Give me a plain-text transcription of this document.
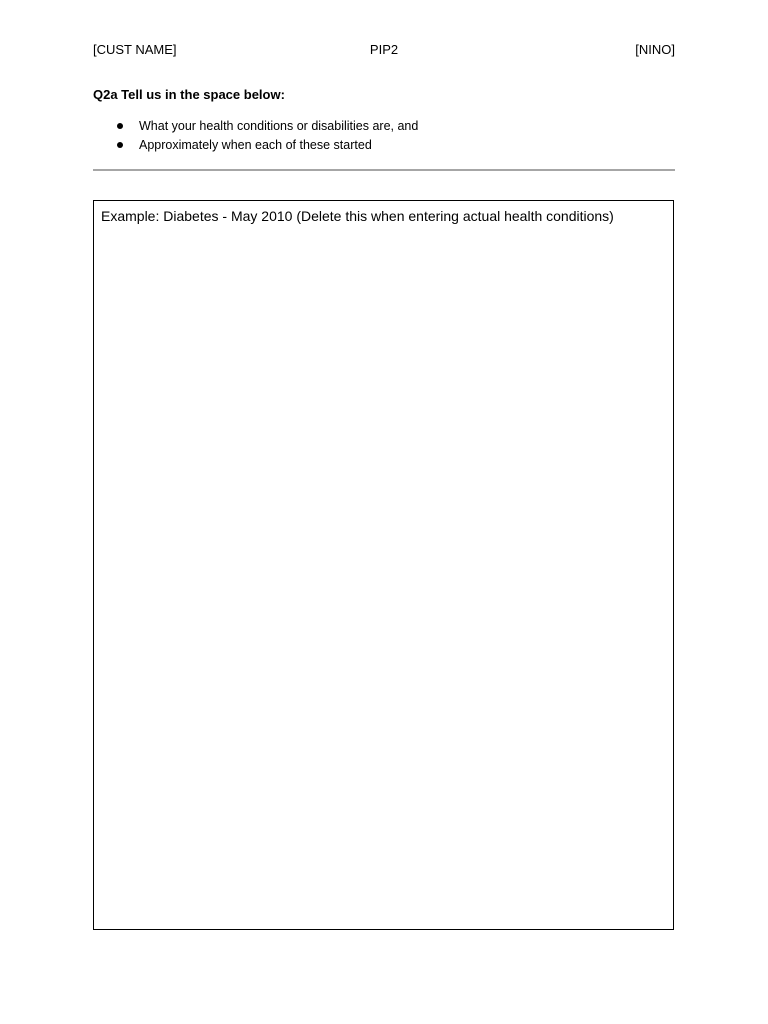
[CUST NAME]	PIP2	[NINO]
Q2a Tell us in the space below:
What your health conditions or disabilities are, and
Approximately when each of these started
Example: Diabetes - May 2010 (Delete this when entering actual health conditions)
